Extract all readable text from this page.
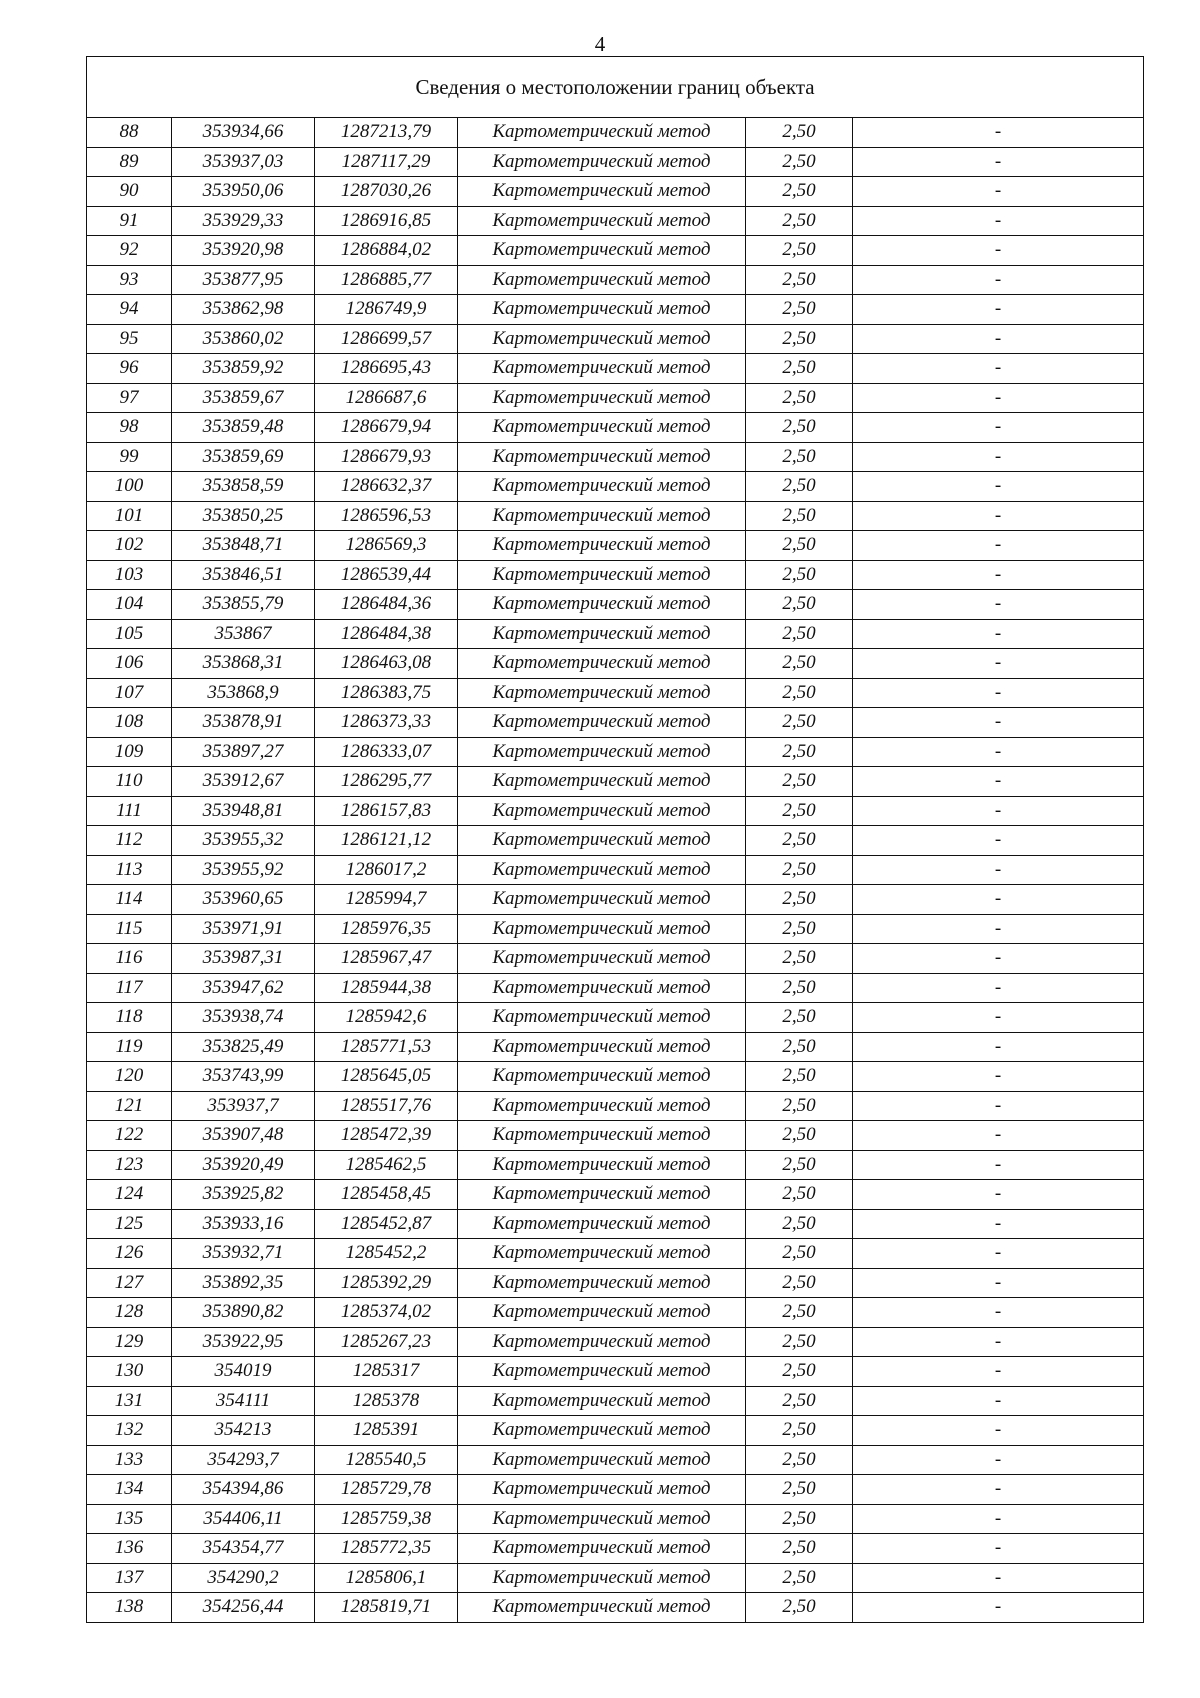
4
Сведения о местоположении границ объекта					
88	353934,66	1287213,79	Картометрический метод	2,50	-
89	353937,03	1287117,29	Картометрический метод	2,50	-
90	353950,06	1287030,26	Картометрический метод	2,50	-
91	353929,33	1286916,85	Картометрический метод	2,50	-
92	353920,98	1286884,02	Картометрический метод	2,50	-
93	353877,95	1286885,77	Картометрический метод	2,50	-
94	353862,98	1286749,9	Картометрический метод	2,50	-
95	353860,02	1286699,57	Картометрический метод	2,50	-
96	353859,92	1286695,43	Картометрический метод	2,50	-
97	353859,67	1286687,6	Картометрический метод	2,50	-
98	353859,48	1286679,94	Картометрический метод	2,50	-
99	353859,69	1286679,93	Картометрический метод	2,50	-
100	353858,59	1286632,37	Картометрический метод	2,50	-
101	353850,25	1286596,53	Картометрический метод	2,50	-
102	353848,71	1286569,3	Картометрический метод	2,50	-
103	353846,51	1286539,44	Картометрический метод	2,50	-
104	353855,79	1286484,36	Картометрический метод	2,50	-
105	353867	1286484,38	Картометрический метод	2,50	-
106	353868,31	1286463,08	Картометрический метод	2,50	-
107	353868,9	1286383,75	Картометрический метод	2,50	-
108	353878,91	1286373,33	Картометрический метод	2,50	-
109	353897,27	1286333,07	Картометрический метод	2,50	-
110	353912,67	1286295,77	Картометрический метод	2,50	-
111	353948,81	1286157,83	Картометрический метод	2,50	-
112	353955,32	1286121,12	Картометрический метод	2,50	-
113	353955,92	1286017,2	Картометрический метод	2,50	-
114	353960,65	1285994,7	Картометрический метод	2,50	-
115	353971,91	1285976,35	Картометрический метод	2,50	-
116	353987,31	1285967,47	Картометрический метод	2,50	-
117	353947,62	1285944,38	Картометрический метод	2,50	-
118	353938,74	1285942,6	Картометрический метод	2,50	-
119	353825,49	1285771,53	Картометрический метод	2,50	-
120	353743,99	1285645,05	Картометрический метод	2,50	-
121	353937,7	1285517,76	Картометрический метод	2,50	-
122	353907,48	1285472,39	Картометрический метод	2,50	-
123	353920,49	1285462,5	Картометрический метод	2,50	-
124	353925,82	1285458,45	Картометрический метод	2,50	-
125	353933,16	1285452,87	Картометрический метод	2,50	-
126	353932,71	1285452,2	Картометрический метод	2,50	-
127	353892,35	1285392,29	Картометрический метод	2,50	-
128	353890,82	1285374,02	Картометрический метод	2,50	-
129	353922,95	1285267,23	Картометрический метод	2,50	-
130	354019	1285317	Картометрический метод	2,50	-
131	354111	1285378	Картометрический метод	2,50	-
132	354213	1285391	Картометрический метод	2,50	-
133	354293,7	1285540,5	Картометрический метод	2,50	-
134	354394,86	1285729,78	Картометрический метод	2,50	-
135	354406,11	1285759,38	Картометрический метод	2,50	-
136	354354,77	1285772,35	Картометрический метод	2,50	-
137	354290,2	1285806,1	Картометрический метод	2,50	-
138	354256,44	1285819,71	Картометрический метод	2,50	-
